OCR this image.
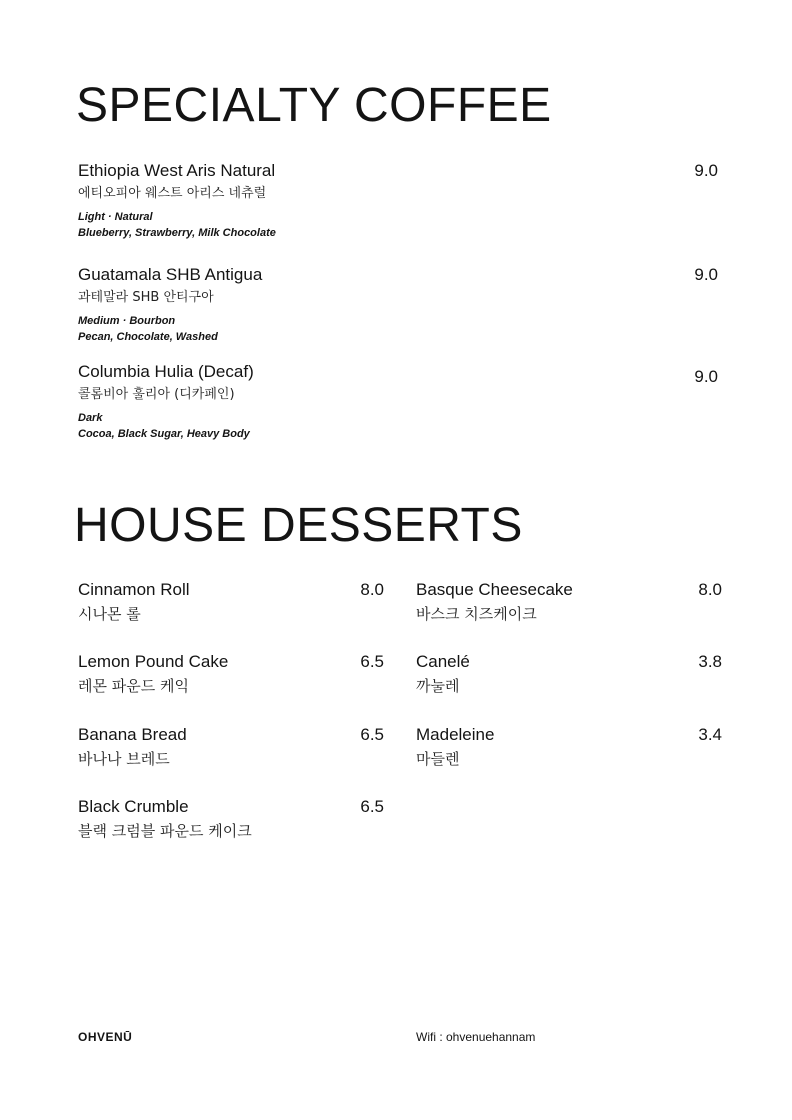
SPECIALTY COFFEE
Ethiopia West Aris Natural
에티오피아 웨스트 아리스 네츄럴
Light · Natural
Blueberry, Strawberry, Milk Chocolate
9.0
Guatamala SHB Antigua
과테말라 SHB 안티구아
Medium · Bourbon
Pecan, Chocolate, Washed
9.0
Columbia Hulia (Decaf)
콜롬비아 훌리아 (디카페인)
Dark
Cocoa, Black Sugar, Heavy Body
9.0
HOUSE DESSERTS
Cinnamon Roll
시나몬 롤
8.0
Lemon Pound Cake
레몬 파운드 케익
6.5
Banana Bread
바나나 브레드
6.5
Black Crumble
블랙 크럼블 파운드 케이크
6.5
Basque Cheesecake
바스크 치즈케이크
8.0
Canelé
까눌레
3.8
Madeleine
마들렌
3.4
OHVENŪ	Wifi : ohvenuehannam
